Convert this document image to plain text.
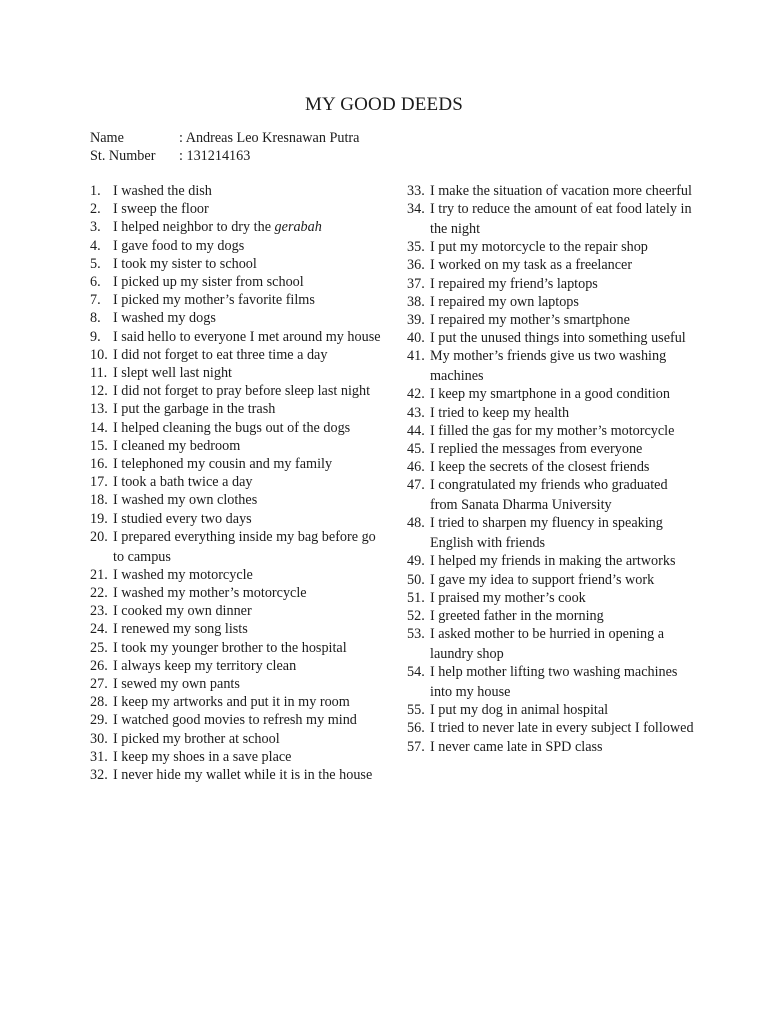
MY GOOD DEEDS
Name	: Andreas Leo Kresnawan Putra
St. Number	: 131214163
1. I washed the dish
2. I sweep the floor
3. I helped neighbor to dry the gerabah
4. I gave food to my dogs
5. I took my sister to school
6. I picked up my sister from school
7. I picked my mother’s favorite films
8. I washed my dogs
9. I said hello to everyone I met around my house
10. I did not forget to eat three time a day
11. I slept well last night
12. I did not forget to pray before sleep last night
13. I put the garbage in the trash
14. I helped cleaning the bugs out of the dogs
15. I cleaned my bedroom
16. I telephoned my cousin and my family
17. I took a bath twice a day
18. I washed my own clothes
19. I studied every two days
20. I prepared everything inside my bag before go to campus
21. I washed my motorcycle
22. I washed my mother’s motorcycle
23. I cooked my own dinner
24. I renewed my song lists
25. I took my younger brother to the hospital
26. I always keep my territory clean
27. I sewed my own pants
28. I keep my artworks and put it in my room
29. I watched good movies to refresh my mind
30. I picked my brother at school
31. I keep my shoes in a save place
32. I never hide my wallet while it is in the house
33. I make the situation of vacation more cheerful
34. I try to reduce the amount of eat food lately in the night
35. I put my motorcycle to the repair shop
36. I worked on my task as a freelancer
37. I repaired my friend’s laptops
38. I repaired my own laptops
39. I repaired my mother’s smartphone
40. I put the unused things into something useful
41. My mother’s friends give us two washing machines
42. I keep my smartphone in a good condition
43. I tried to keep my health
44. I filled the gas for my mother’s motorcycle
45. I replied the messages from everyone
46. I keep the secrets of the closest friends
47. I congratulated my friends who graduated from Sanata Dharma University
48. I tried to sharpen my fluency in speaking English with friends
49. I helped my friends in making the artworks
50. I gave my idea to support friend’s work
51. I praised my mother’s cook
52. I greeted father in the morning
53. I asked mother to be hurried in opening a laundry shop
54. I help mother lifting two washing machines into my house
55. I put my dog in animal hospital
56. I tried to never late in every subject I followed
57. I never came late in SPD class
